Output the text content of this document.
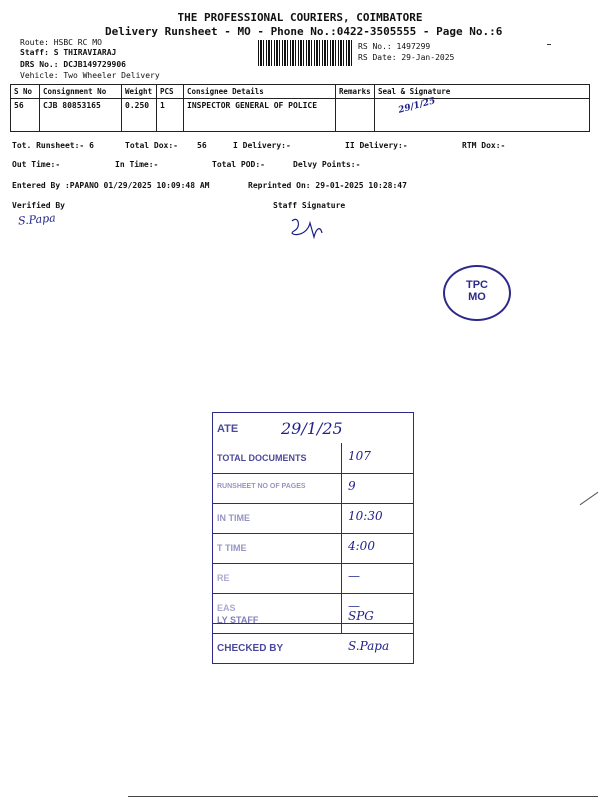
THE PROFESSIONAL COURIERS, COIMBATORE
Delivery Runsheet - MO - Phone No.:0422-3505555 - Page No.:6
Route: HSBC RC MO
Staff: S THIRAVIARAJ
DRS No.: DCJB149729906
Vehicle: Two Wheeler Delivery
RS No.: 1497299
RS Date: 29-Jan-2025
S No	Consignment No	Weight	PCS	Consignee Details	Remarks	Seal & Signature
56	CJB 80853165	0.250	1	INSPECTOR GENERAL OF POLICE		29/1/25
Tot. Runsheet:- 6	Total Dox:- 56	I Delivery:-	II Delivery:-	RTM Dox:-
Out Time:-	In Time:-	Total POD:-	Delvy Points:-
Entered By :PAPANO 01/29/2025 10:09:48 AM	Reprinted On: 29-01-2025 10:28:47
Verified By
S.Papa
Staff Signature
TPC
MO
ATE	29/1/25
TOTAL DOCUMENTS	107
RUNSHEET NO OF PAGES	9
IN TIME	10:30
T TIME	4:00
RE	—
EAS	—
LY STAFF	SPG
CHECKED BY	S.Papa
